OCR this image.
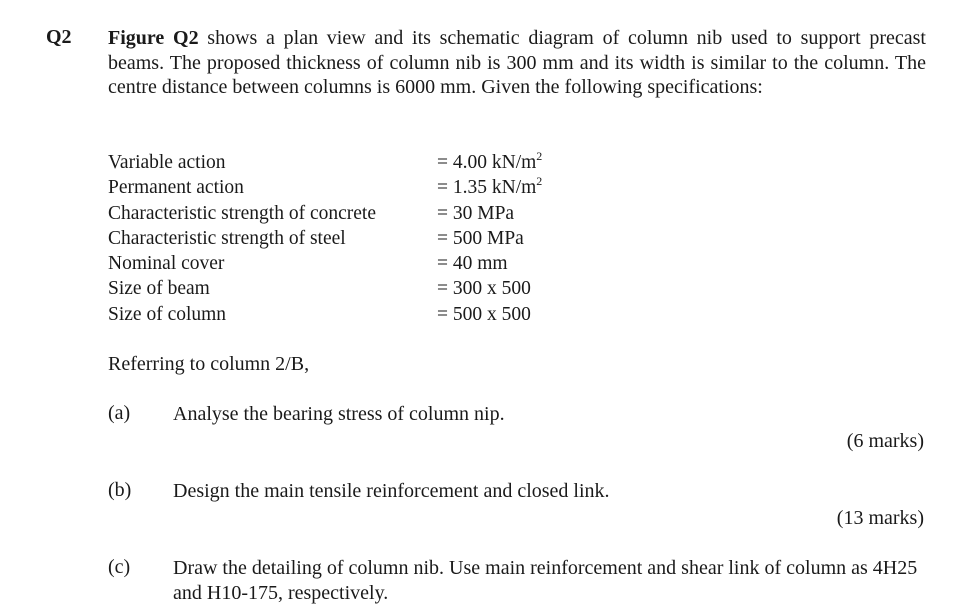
Q2 Figure Q2 shows a plan view and its schematic diagram of column nib used to support precast beams. The proposed thickness of column nib is 300 mm and its width is similar to the column. The centre distance between columns is 6000 mm. Given the following specifications:
Variable action	= 4.00 $kN/m^2$
Permanent action	= 1.35 $kN/m^2$
Characteristic strength of concrete	= 30 MPa
Characteristic strength of steel	= 500 MPa
Nominal cover	= 40 mm
Size of beam	= 300 x 500
Size of column	= 500 x 500
Referring to column 2/B,
(a) Analyse the bearing stress of column nip.
(6 marks)
(b) Design the main tensile reinforcement and closed link.
(13 marks)
(c) Draw the detailing of column nib. Use main reinforcement and shear link of column as 4H25 and H10-175, respectively.
